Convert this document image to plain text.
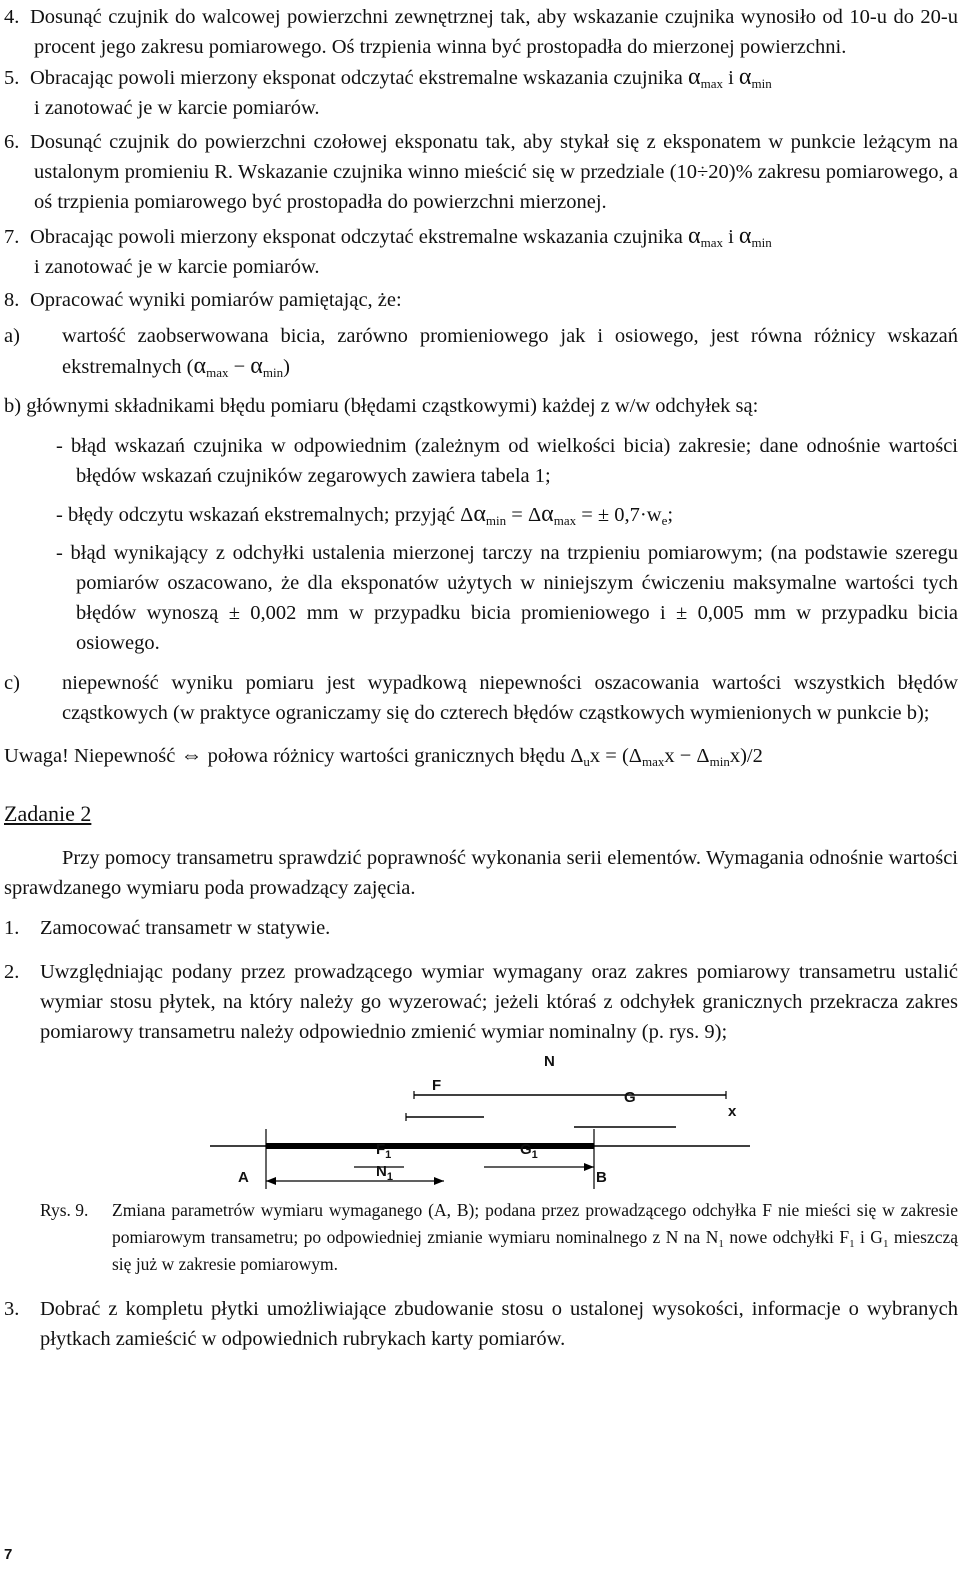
4. Dosunąć czujnik do walcowej powierzchni zewnętrznej tak, aby wskazanie czujnika wynosiło od 10-u do 20-u procent jego zakresu pomiarowego. Oś trzpienia winna być prostopadła do mierzonej powierzchni.

5. Obracając powoli mierzony eksponat odczytać ekstremalne wskazania czujnika $\alpha_{max}$ i $\alpha_{min}$
i zanotować je w karcie pomiarów.

6. Dosunąć czujnik do powierzchni czołowej eksponatu tak, aby stykał się z eksponatem w punkcie leżącym na ustalonym promieniu R. Wskazanie czujnika winno mieścić się w przedziale (10÷20)% zakresu pomiarowego, a oś trzpienia pomiarowego być prostopadła do powierzchni mierzonej.

7. Obracając powoli mierzony eksponat odczytać ekstremalne wskazania czujnika $\alpha_{max}$ i $\alpha_{min}$
i zanotować je w karcie pomiarów.

8. Opracować wyniki pomiarów pamiętając, że:

a) wartość zaobserwowana bicia, zarówno promieniowego jak i osiowego, jest równa różnicy wskazań ekstremalnych $(\alpha_{max} - \alpha_{min})$

b) głównymi składnikami błędu pomiaru (błędami cząstkowymi) każdej z w/w odchyłek są:

- błąd wskazań czujnika w odpowiednim (zależnym od wielkości bicia) zakresie; dane odnośnie wartości błędów wskazań czujników zegarowych zawiera tabela 1;

- błędy odczytu wskazań ekstremalnych; przyjąć $\Delta\alpha_{min} = \Delta\alpha_{max}$ = ± $0,7\cdot w_e$;

- błąd wynikający z odchyłki ustalenia mierzonej tarczy na trzpieniu pomiarowym; (na podstawie szeregu pomiarów oszacowano, że dla eksponatów użytych w niniejszym ćwiczeniu maksymalne wartości tych błędów wynoszą ± 0,002 mm w przypadku bicia promieniowego i ± 0,005 mm w przypadku bicia osiowego.

c) niepewność wyniku pomiaru jest wypadkową niepewności oszacowania wartości wszystkich błędów cząstkowych (w praktyce ograniczamy się do czterech błędów cząstkowych wymienionych w punkcie b);

Uwaga! Niepewność ⇔ połowa różnicy wartości granicznych błędu $\Delta_ux = (\Delta_{max}x - \Delta_{min}x)/2$

Zadanie 2

Przy pomocy transametru sprawdzić poprawność wykonania serii elementów. Wymagania odnośnie wartości sprawdzanego wymiaru poda prowadzący zajęcia.

1. Zamocować transametr w statywie.

2. Uwzględniając podany przez prowadzącego wymiar wymagany oraz zakres pomiarowy transametru ustalić wymiar stosu płytek, na który należy go wyzerować; jeżeli któraś z odchyłek granicznych przekracza zakres pomiarowy transametru należy odpowiednio zmienić wymiar nominalny (p. rys. 9);

N
F
G
x
$F_1$	$G_1$
A	$N_1$	B

Rys. 9. Zmiana parametrów wymiaru wymaganego (A, B); podana przez prowadzącego odchyłka F nie mieści się w zakresie pomiarowym transametru; po odpowiedniej zmianie wymiaru nominalnego z N na $N_1$ nowe odchyłki $F_1$ i $G_1$ mieszczą się już w zakresie pomiarowym.

3. Dobrać z kompletu płytki umożliwiające zbudowanie stosu o ustalonej wysokości, informacje o wybranych płytkach zamieścić w odpowiednich rubrykach karty pomiarów.

7
